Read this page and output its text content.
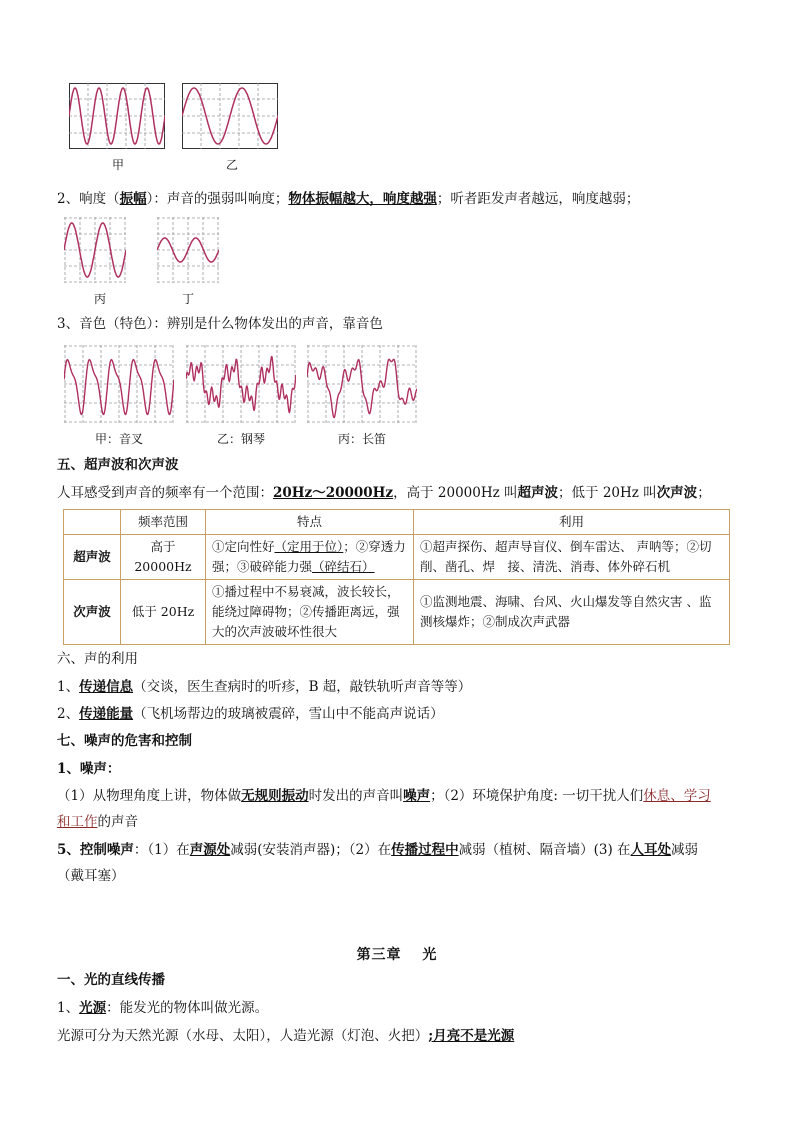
甲	乙
2、响度（振幅）：声音的强弱叫响度；物体振幅越大，响度越强；听者距发声者越远，响度越弱；
丙	丁
3、音色（特色）：辨别是什么物体发出的声音，靠音色
甲：音叉	乙：钢琴	丙：长笛
五、超声波和次声波
人耳感受到声音的频率有一个范围：20Hz～20000Hz，高于 20000Hz 叫超声波；低于 20Hz 叫次声波；
	频率范围	特点	利用
超声波	高于 20000Hz	①定向性好（定用于位）；②穿透力强；③破碎能力强（碎结石）	①超声探伤、超声导盲仪、倒车雷达、 声呐等；②切削、凿孔、焊　接、清洗、消毒、体外碎石机
次声波	低于 20Hz	①播过程中不易衰减，波长较长，能绕过障碍物；②传播距离远，强大的次声波破坏性很大	①监测地震、海啸、台风、火山爆发等自然灾害 、监测核爆炸；②制成次声武器
六、声的利用
1、传递信息（交谈，医生查病时的听疹，B 超，敲铁轨听声音等等）
2、传递能量（飞机场帮边的玻璃被震碎，雪山中不能高声说话）
七、噪声的危害和控制
1、噪声：
（1）从物理角度上讲，物体做无规则振动时发出的声音叫噪声；（2）环境保护角度: 一切干扰人们休息、学习
和工作的声音
5、控制噪声：（1）在声源处减弱(安装消声器)；（2）在传播过程中减弱（植树、隔音墙）(3) 在人耳处减弱
（戴耳塞）
第三章　 光
一、光的直线传播
1、光源：能发光的物体叫做光源。
光源可分为天然光源（水母、太阳），人造光源（灯泡、火把）;月亮不是光源
